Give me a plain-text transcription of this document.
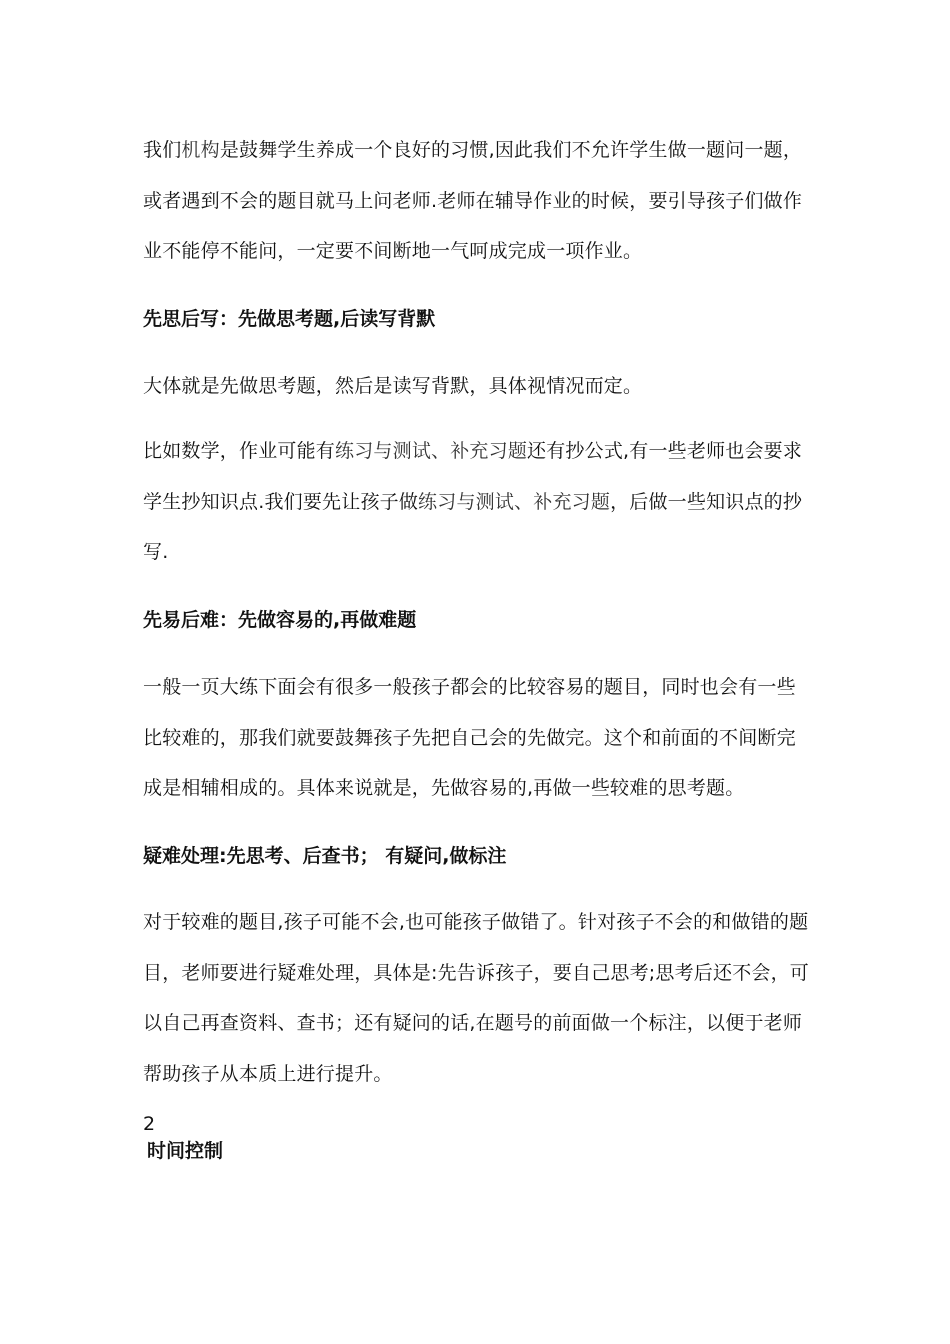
我们机构是鼓舞学生养成一个良好的习惯,因此我们不允许学生做一题问一题，或者遇到不会的题目就马上问老师.老师在辅导作业的时候，要引导孩子们做作业不能停不能问，一定要不间断地一气呵成完成一项作业。

先思后写：先做思考题,后读写背默

大体就是先做思考题，然后是读写背默，具体视情况而定。

比如数学，作业可能有练习与测试、补充习题还有抄公式,有一些老师也会要求学生抄知识点.我们要先让孩子做练习与测试、补充习题，后做一些知识点的抄写.

先易后难：先做容易的,再做难题

一般一页大练下面会有很多一般孩子都会的比较容易的题目，同时也会有一些比较难的，那我们就要鼓舞孩子先把自己会的先做完。这个和前面的不间断完成是相辅相成的。具体来说就是，先做容易的,再做一些较难的思考题。

疑难处理:先思考、后查书； 有疑问,做标注

对于较难的题目,孩子可能不会,也可能孩子做错了。针对孩子不会的和做错的题目，老师要进行疑难处理，具体是:先告诉孩子，要自己思考;思考后还不会，可以自己再查资料、查书；还有疑问的话,在题号的前面做一个标注，以便于老师帮助孩子从本质上进行提升。

2

时间控制
